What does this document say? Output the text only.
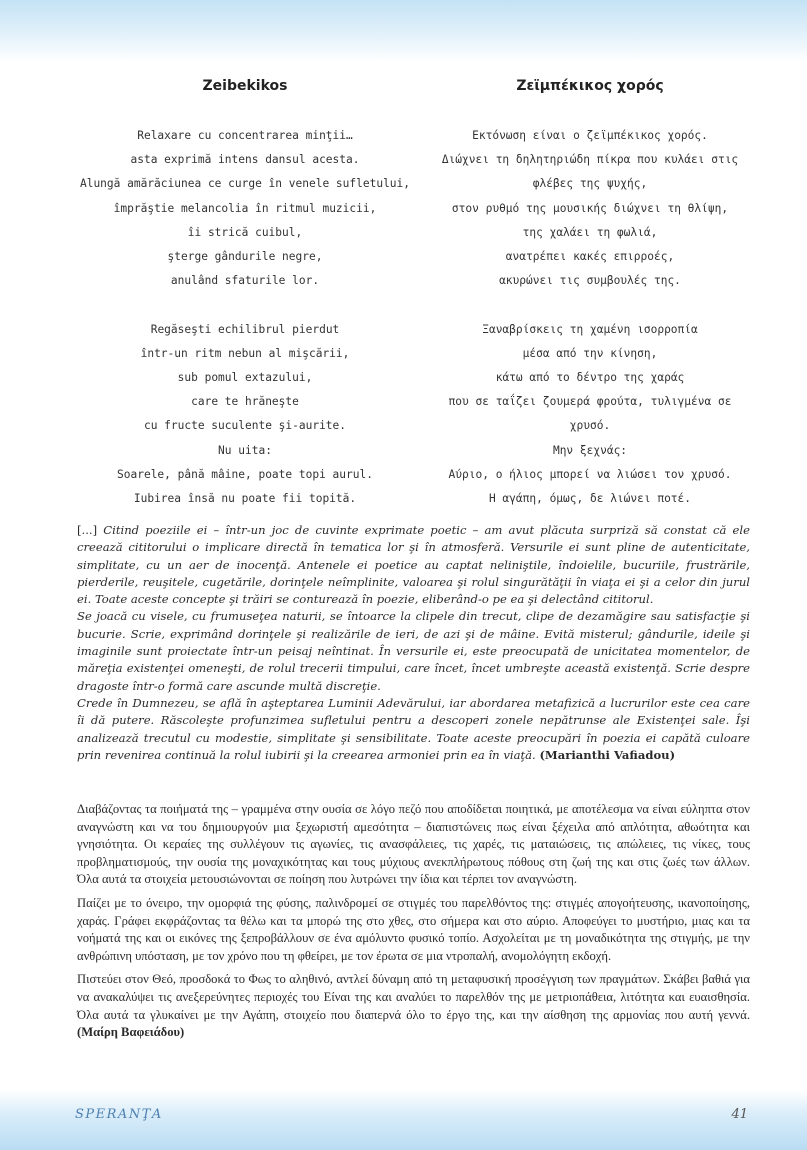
Zeibekikos	Ζεϊμπέκικος χορός
Relaxare cu concentrarea minţii…
asta exprimă intens dansul acesta.
Alungă amărăciunea ce curge în venele sufletului,
împrăştie melancolia în ritmul muzicii,
îi strică cuibul,
şterge gândurile negre,
anulând sfaturile lor.
Regăseşti echilibrul pierdut
într-un ritm nebun al mişcării,
sub pomul extazului,
care te hrăneşte
cu fructe suculente şi-aurite.
Nu uita:
Soarele, până mâine, poate topi aurul.
Iubirea însă nu poate fii topită.
Εκτόνωση είναι ο ζεϊμπέκικος χορός.
Διώχνει τη δηλητηριώδη πίκρα που κυλάει στις
φλέβες της ψυχής,
στον ρυθμό της μουσικής διώχνει τη θλίψη,
της χαλάει τη φωλιά,
ανατρέπει κακές επιρροές,
ακυρώνει τις συμβουλές της.
Ξαναβρίσκεις τη χαμένη ισορροπία
μέσα από την κίνηση,
κάτω από το δέντρο της χαράς
που σε ταΐζει ζουμερά φρούτα, τυλιγμένα σε
χρυσό.
Μην ξεχνάς:
Αύριο, ο ήλιος μπορεί να λιώσει τον χρυσό.
Η αγάπη, όμως, δε λιώνει ποτέ.

[...] Citind poeziile ei – într-un joc de cuvinte exprimate poetic – am avut plăcuta surpriză să constat că ele creează cititorului o implicare directă în tematica lor şi în atmosferă. Versurile ei sunt pline de autenticitate, simplitate, cu un aer de inocenţă. Antenele ei poetice au captat neliniştile, îndoielile, bucuriile, frustrările, pierderile, reuşitele, cugetările, dorinţele neîmplinite, valoarea şi rolul singurătăţii în viaţa ei şi a celor din jurul ei. Toate aceste concepte şi trăiri se conturează în poezie, eliberând-o pe ea şi delectând cititorul.

Se joacă cu visele, cu frumuseţea naturii, se întoarce la clipele din trecut, clipe de dezamăgire sau satisfacţie şi bucurie. Scrie, exprimând dorinţele şi realizările de ieri, de azi şi de mâine. Evită misterul; gândurile, ideile şi imaginile sunt proiectate într-un peisaj neîntinat. În versurile ei, este preocupată de unicitatea momentelor, de măreţia existenţei omeneşti, de rolul trecerii timpului, care încet, încet umbreşte această existenţă. Scrie despre dragoste într-o formă care ascunde multă discreţie.

Crede în Dumnezeu, se află în aşteptarea Luminii Adevărului, iar abordarea metafizică a lucrurilor este cea care îi dă putere. Răscoleşte profunzimea sufletului pentru a descoperi zonele nepătrunse ale Existenţei sale. Îşi analizează trecutul cu modestie, simplitate şi sensibilitate. Toate aceste preocupări în poezia ei capătă culoare prin revenirea continuă la rolul iubirii şi la creearea armoniei prin ea în viaţă. (Marianthi Vafiadou)

Διαβάζοντας τα ποιήματά της – γραμμένα στην ουσία σε λόγο πεζό που αποδίδεται ποιητικά, με αποτέλεσμα να είναι εύληπτα στον αναγνώστη και να του δημιουργούν μια ξεχωριστή αμεσότητα – διαπιστώνεις πως είναι ξέχειλα από απλότητα, αθωότητα και γνησιότητα. Οι κεραίες της συλλέγουν τις αγωνίες, τις ανασφάλειες, τις χαρές, τις ματαιώσεις, τις απώλειες, τις νίκες, τους προβληματισμούς, την ουσία της μοναχικότητας και τους μύχιους ανεκπλήρωτους πόθους στη ζωή της και στις ζωές των άλλων. Όλα αυτά τα στοιχεία μετουσιώνονται σε ποίηση που λυτρώνει την ίδια και τέρπει τον αναγνώστη.

Παίζει με το όνειρο, την ομορφιά της φύσης, παλινδρομεί σε στιγμές του παρελθόντος της: στιγμές απογοήτευσης, ικανοποίησης, χαράς. Γράφει εκφράζοντας τα θέλω και τα μπορώ της στο χθες, στο σήμερα και στο αύριο. Αποφεύγει το μυστήριο, μιας και τα νοήματά της και οι εικόνες της ξεπροβάλλουν σε ένα αμόλυντο φυσικό τοπίο. Ασχολείται με τη μοναδικότητα της στιγμής, με την ανθρώπινη υπόσταση, με τον χρόνο που τη φθείρει, με τον έρωτα σε μια ντροπαλή, ανομολόγητη εκδοχή.

Πιστεύει στον Θεό, προσδοκά το Φως το αληθινό, αντλεί δύναμη από τη μεταφυσική προσέγγιση των πραγμάτων. Σκάβει βαθιά για να ανακαλύψει τις ανεξερεύνητες περιοχές του Είναι της και αναλύει το παρελθόν της με μετριοπάθεια, λιτότητα και ευαισθησία. Όλα αυτά τα γλυκαίνει με την Αγάπη, στοιχείο που διαπερνά όλο το έργο της, και την αίσθηση της αρμονίας που αυτή γεννά. (Μαίρη Βαφειάδου)

SPERANŢA	41
